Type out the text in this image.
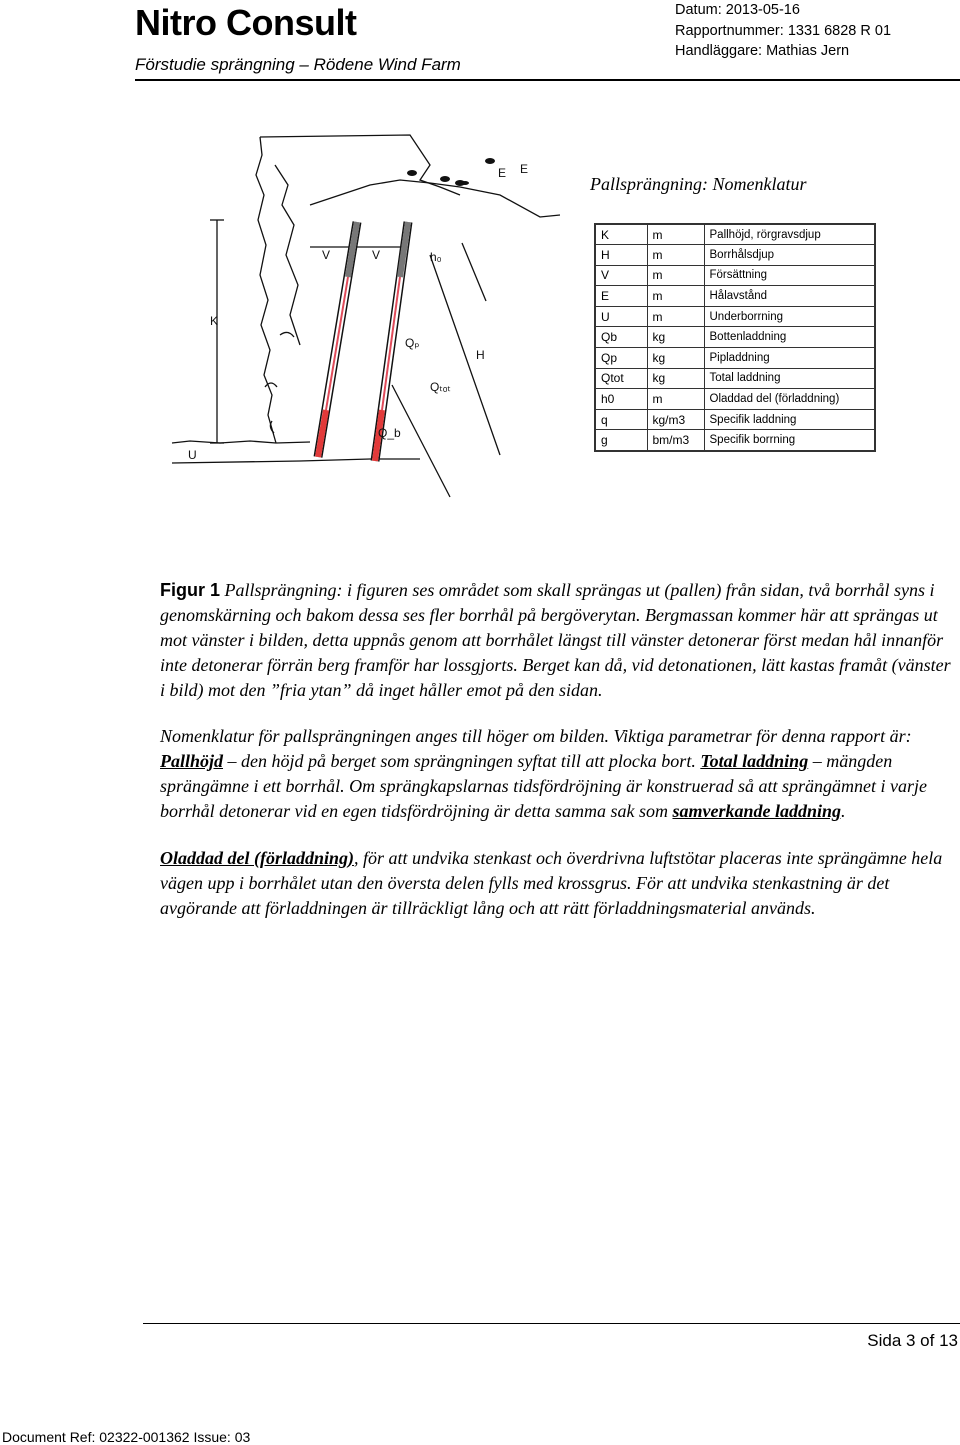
Nitro Consult
Förstudie sprängning – Rödene Wind Farm
Datum: 2013-05-16
Rapportnummer: 1331 6828 R 01
Handläggare: Mathias Jern
V	V	h₀
K
Qₚ
H
Qₜₒₜ
Q_b
U
E E
Pallsprängning: Nomenklatur
K	m	Pallhöjd, rörgravsdjup
H	m	Borrhålsdjup
V	m	Försättning
E	m	Hålavstånd
U	m	Underborrning
Qb	kg	Bottenladdning
Qp	kg	Pipladdning
Qtot	kg	Total laddning
h0	m	Oladdad del (förladdning)
q	kg/m3	Specifik laddning
g	bm/m3	Specifik borrning

Figur 1 Pallsprängning: i figuren ses området som skall sprängas ut (pallen) från sidan, två borrhål syns i genomskärning och bakom dessa ses fler borrhål på bergöverytan. Bergmassan kommer här att sprängas ut mot vänster i bilden, detta uppnås genom att borrhålet längst till vänster detonerar först medan hål innanför inte detonerar förrän berg framför har lossgjorts. Berget kan då, vid detonationen, lätt kastas framåt (vänster i bild) mot den ”fria ytan” då inget håller emot på den sidan.

Nomenklatur för pallsprängningen anges till höger om bilden. Viktiga parametrar för denna rapport är: Pallhöjd – den höjd på berget som sprängningen syftat till att plocka bort. Total laddning – mängden sprängämne i ett borrhål. Om sprängkapslarnas tidsfördröjning är konstruerad så att sprängämnet i varje borrhål detonerar vid en egen tidsfördröjning är detta samma sak som samverkande laddning.

Oladdad del (förladdning), för att undvika stenkast och överdrivna luftstötar placeras inte sprängämne hela vägen upp i borrhålet utan den översta delen fylls med krossgrus. För att undvika stenkastning är det avgörande att förladdningen är tillräckligt lång och att rätt förladdningsmaterial används.

Sida 3 of 13
Document Ref: 02322-001362 Issue: 03
